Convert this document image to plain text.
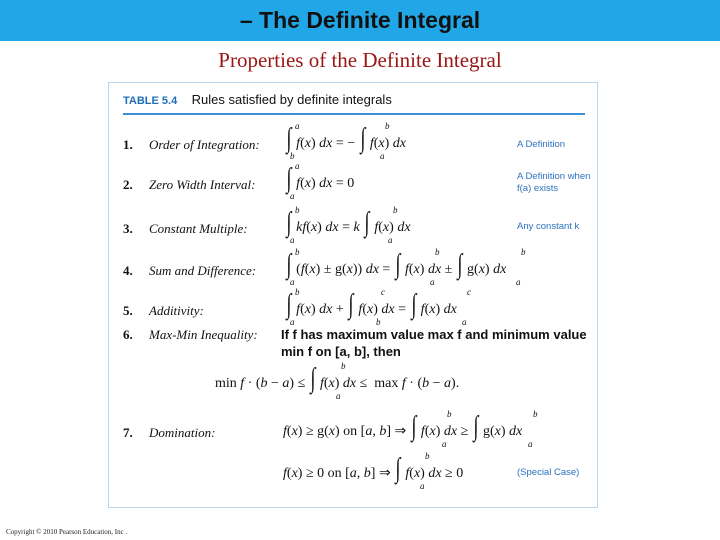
– The Definite Integral
Properties of the Definite Integral
TABLE 5.4 Rules satisfied by definite integrals
1. Order of Integration: ∫ f(x) dx = − ∫ f(x) dx
a
b
b
a
A Definition
2. Zero Width Interval: ∫ f(x) dx = 0
a
a
A Definition when f(a) exists
3. Constant Multiple: ∫ kf(x) dx = k ∫ f(x) dx
b
a
b
a
Any constant k
4. Sum and Difference: ∫ (f(x) ± g(x)) dx = ∫ f(x) dx ± ∫ g(x) dx
b
a
b
a
b
a
5. Additivity:	∫ f(x) dx + ∫ f(x) dx = ∫ f(x) dx
b
a
c
b
c
a
6. Max-Min Inequality: If f has maximum value max f and minimum value
min f on [a, b], then
min f · (b − a) ≤ ∫ f(x) dx ≤  max f · (b − a).
b
a
7. Domination:	f(x) ≥ g(x) on [a, b] ⇒ ∫ f(x) dx ≥ ∫ g(x) dx
b
a
b
a
f(x) ≥ 0 on [a, b] ⇒ ∫ f(x) dx ≥ 0
b
a
(Special Case)
Copyright © 2010 Pearson Education, Inc .
